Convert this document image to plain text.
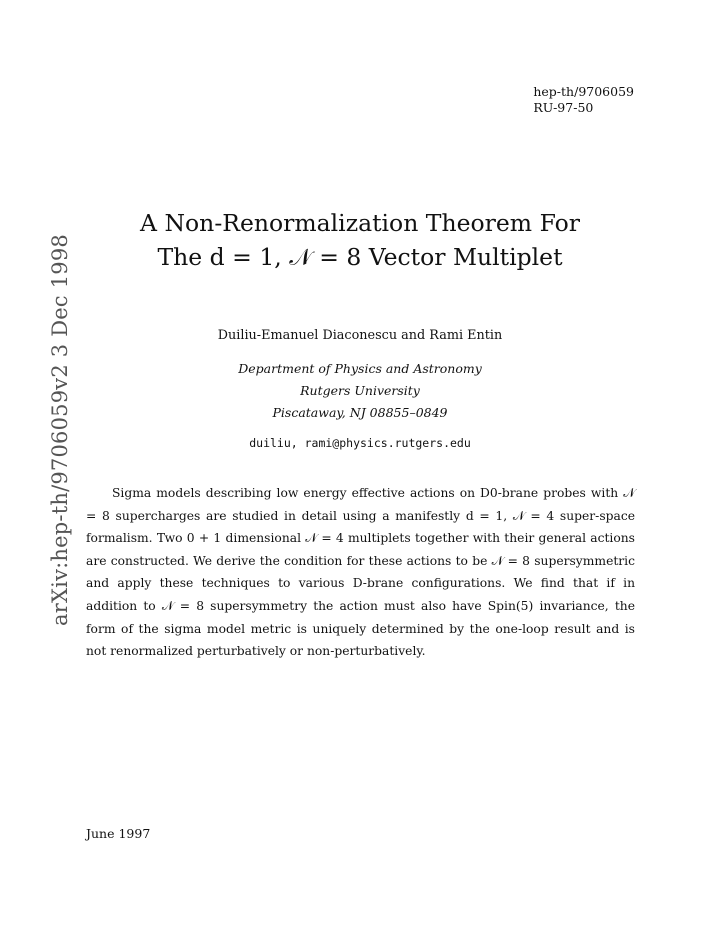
hep-th/9706059
RU-97-50
arXiv:hep-th/9706059v2 3 Dec 1998
A Non-Renormalization Theorem For
The d = 1, 𝒩 = 8 Vector Multiplet
Duiliu-Emanuel Diaconescu and Rami Entin
Department of Physics and Astronomy
Rutgers University
Piscataway, NJ 08855–0849
duiliu, rami@physics.rutgers.edu
Sigma models describing low energy effective actions on D0-brane probes with 𝒩 = 8 supercharges are studied in detail using a manifestly d = 1, 𝒩 = 4 super-space formalism. Two 0 + 1 dimensional 𝒩 = 4 multiplets together with their general actions are constructed. We derive the condition for these actions to be 𝒩 = 8 supersymmetric and apply these techniques to various D-brane configurations. We find that if in addition to 𝒩 = 8 supersymmetry the action must also have Spin(5) invariance, the form of the sigma model metric is uniquely determined by the one-loop result and is not renormalized perturbatively or non-perturbatively.
June 1997
